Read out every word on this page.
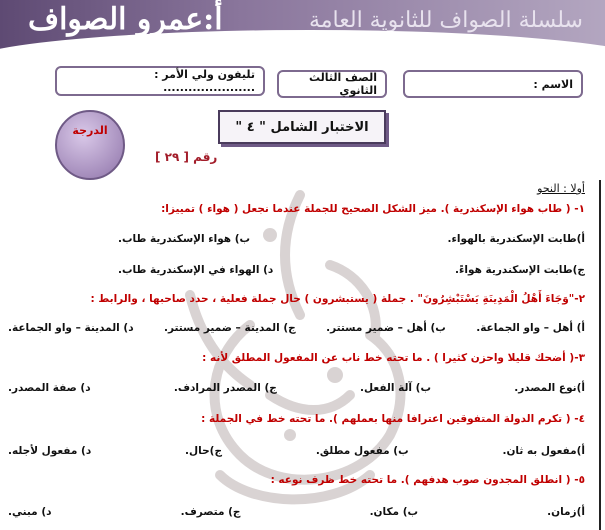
سلسلة الصواف للثانوية العامة
أ:عمرو الصواف
الاسم :
الصف الثالث الثانوي
تليفون ولي الأمر : ......................
الدرجة	الاختبار الشامل " ٤ "
رقم [ ٢٩ ]
أولا : النحو
١- ( طاب هواء الإسكندرية ). ميز الشكل الصحيح للجملة عندما نجعل ( هواء ) تمييزا:
أ)طابت الإسكندرية بالهواء.
ب) هواء الإسكندرية طاب.
ج)طابت الإسكندرية هواءً.
د) الهواء في الإسكندرية طاب.
٢-"وَجَاءَ أَهْلُ الْمَدِينَةِ يَسْتَبْشِرُونَ" . جملة ( يستبشرون ) حال جملة فعلية ، حدد صاحبها ، والرابط :
أ) أهل – واو الجماعة.
ب) أهل – ضمير مستتر.
ج) المدينة – ضمير مستتر.
د) المدينة – واو الجماعة.
٣-( أضحك قليلا واحزن كثيرا ) . ما تحته خط ناب عن المفعول المطلق لأنه :
أ)نوع المصدر.
ب) آلة الفعل.
ج) المصدر المرادف.
د) صفة المصدر.
٤- ( تكرم الدولة المتفوقين اعترافا منها بعملهم ). ما تحته خط في الجملة :
أ)مفعول به ثان.
ب) مفعول مطلق.
ج)حال.
د) مفعول لأجله.
٥- ( انطلق المجدون صوب هدفهم ). ما تحته خط ظرف نوعه :
أ)زمان.
ب) مكان.
ج) متصرف.
د) مبني.
